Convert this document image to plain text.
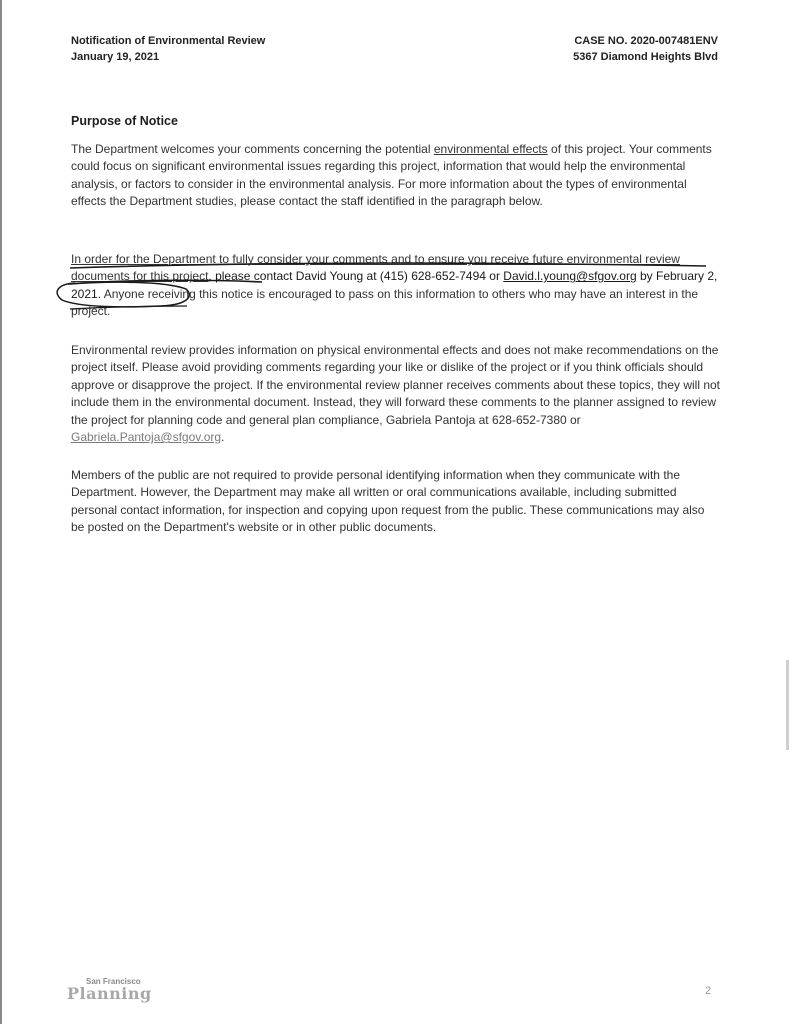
Notification of Environmental Review
January 19, 2021
CASE NO. 2020-007481ENV
5367 Diamond Heights Blvd
Purpose of Notice

The Department welcomes your comments concerning the potential environmental effects of this project. Your comments could focus on significant environmental issues regarding this project, information that would help the environmental analysis, or factors to consider in the environmental analysis. For more information about the types of environmental effects the Department studies, please contact the staff identified in the paragraph below.

In order for the Department to fully consider your comments and to ensure you receive future environmental review documents for this project, please contact David Young at (415) 628-652-7494 or David.l.young@sfgov.org by February 2, 2021. Anyone receiving this notice is encouraged to pass on this information to others who may have an interest in the project.

Environmental review provides information on physical environmental effects and does not make recommendations on the project itself. Please avoid providing comments regarding your like or dislike of the project or if you think officials should approve or disapprove the project. If the environmental review planner receives comments about these topics, they will not include them in the environmental document. Instead, they will forward these comments to the planner assigned to review the project for planning code and general plan compliance, Gabriela Pantoja at 628-652-7380 or Gabriela.Pantoja@sfgov.org.

Members of the public are not required to provide personal identifying information when they communicate with the Department. However, the Department may make all written or oral communications available, including submitted personal contact information, for inspection and copying upon request from the public. These communications may also be posted on the Department's website or in other public documents.

San Francisco
Planning	2
